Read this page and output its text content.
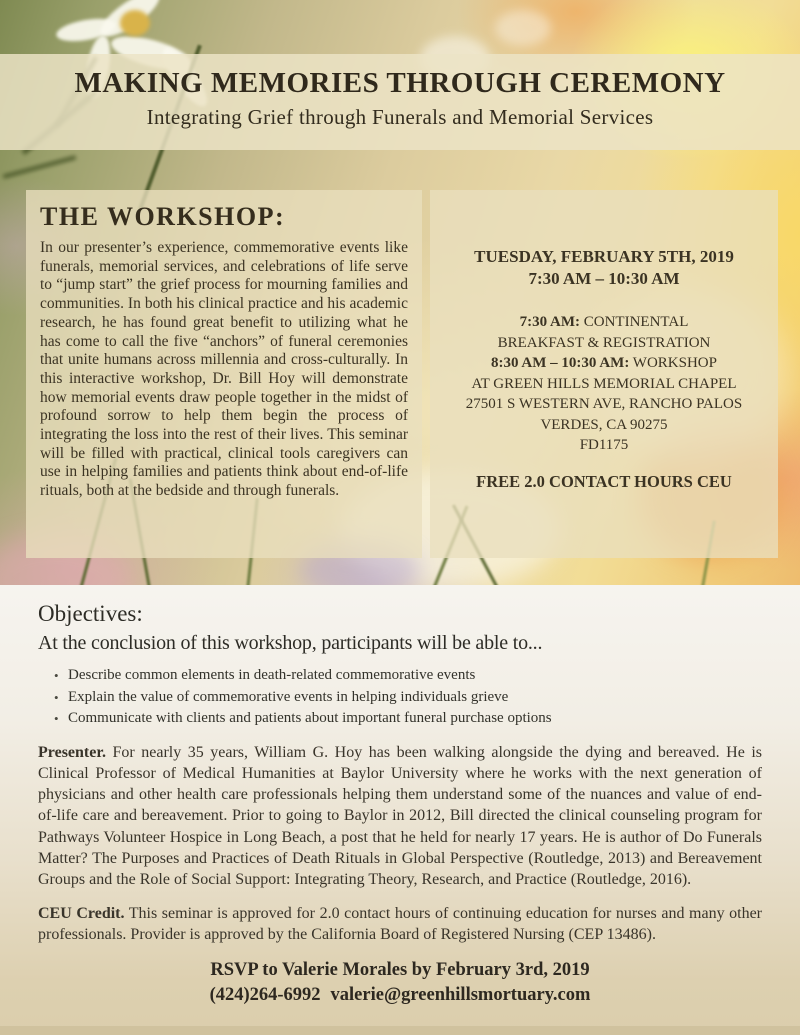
MAKING MEMORIES THROUGH CEREMONY
Integrating Grief through Funerals and Memorial Services
THE WORKSHOP:
In our presenter’s experience, commemorative events like funerals, memorial services, and celebrations of life serve to “jump start” the grief process for mourning families and communities. In both his clinical practice and his academic research, he has found great benefit to utilizing what he has come to call the five “anchors” of funeral ceremonies that unite humans across millennia and cross-culturally. In this interactive workshop, Dr. Bill Hoy will demonstrate how memorial events draw people together in the midst of profound sorrow to help them begin the process of integrating the loss into the rest of their lives. This seminar will be filled with practical, clinical tools caregivers can use in helping families and patients think about end-of-life rituals, both at the bedside and through funerals.
TUESDAY, FEBRUARY 5TH, 2019
7:30 AM – 10:30 AM
7:30 AM: CONTINENTAL
BREAKFAST & REGISTRATION
8:30 AM – 10:30 AM: WORKSHOP
AT GREEN HILLS MEMORIAL CHAPEL
27501 S WESTERN AVE, RANCHO PALOS
VERDES, CA 90275
FD1175
FREE 2.0 CONTACT HOURS CEU
Objectives:
At the conclusion of this workshop, participants will be able to...
• Describe common elements in death-related commemorative events
• Explain the value of commemorative events in helping individuals grieve
• Communicate with clients and patients about important funeral purchase options

Presenter. For nearly 35 years, William G. Hoy has been walking alongside the dying and bereaved. He is Clinical Professor of Medical Humanities at Baylor University where he works with the next generation of physicians and other health care professionals helping them understand some of the nuances and value of end-of-life care and bereavement. Prior to going to Baylor in 2012, Bill directed the clinical counseling program for Pathways Volunteer Hospice in Long Beach, a post that he held for nearly 17 years. He is author of Do Funerals Matter? The Purposes and Practices of Death Rituals in Global Perspective (Routledge, 2013) and Bereavement Groups and the Role of Social Support: Integrating Theory, Research, and Practice (Routledge, 2016).

CEU Credit. This seminar is approved for 2.0 contact hours of continuing education for nurses and many other professionals. Provider is approved by the California Board of Registered Nursing (CEP 13486).

RSVP to Valerie Morales by February 3rd, 2019
(424)264-6992 valerie@greenhillsmortuary.com
